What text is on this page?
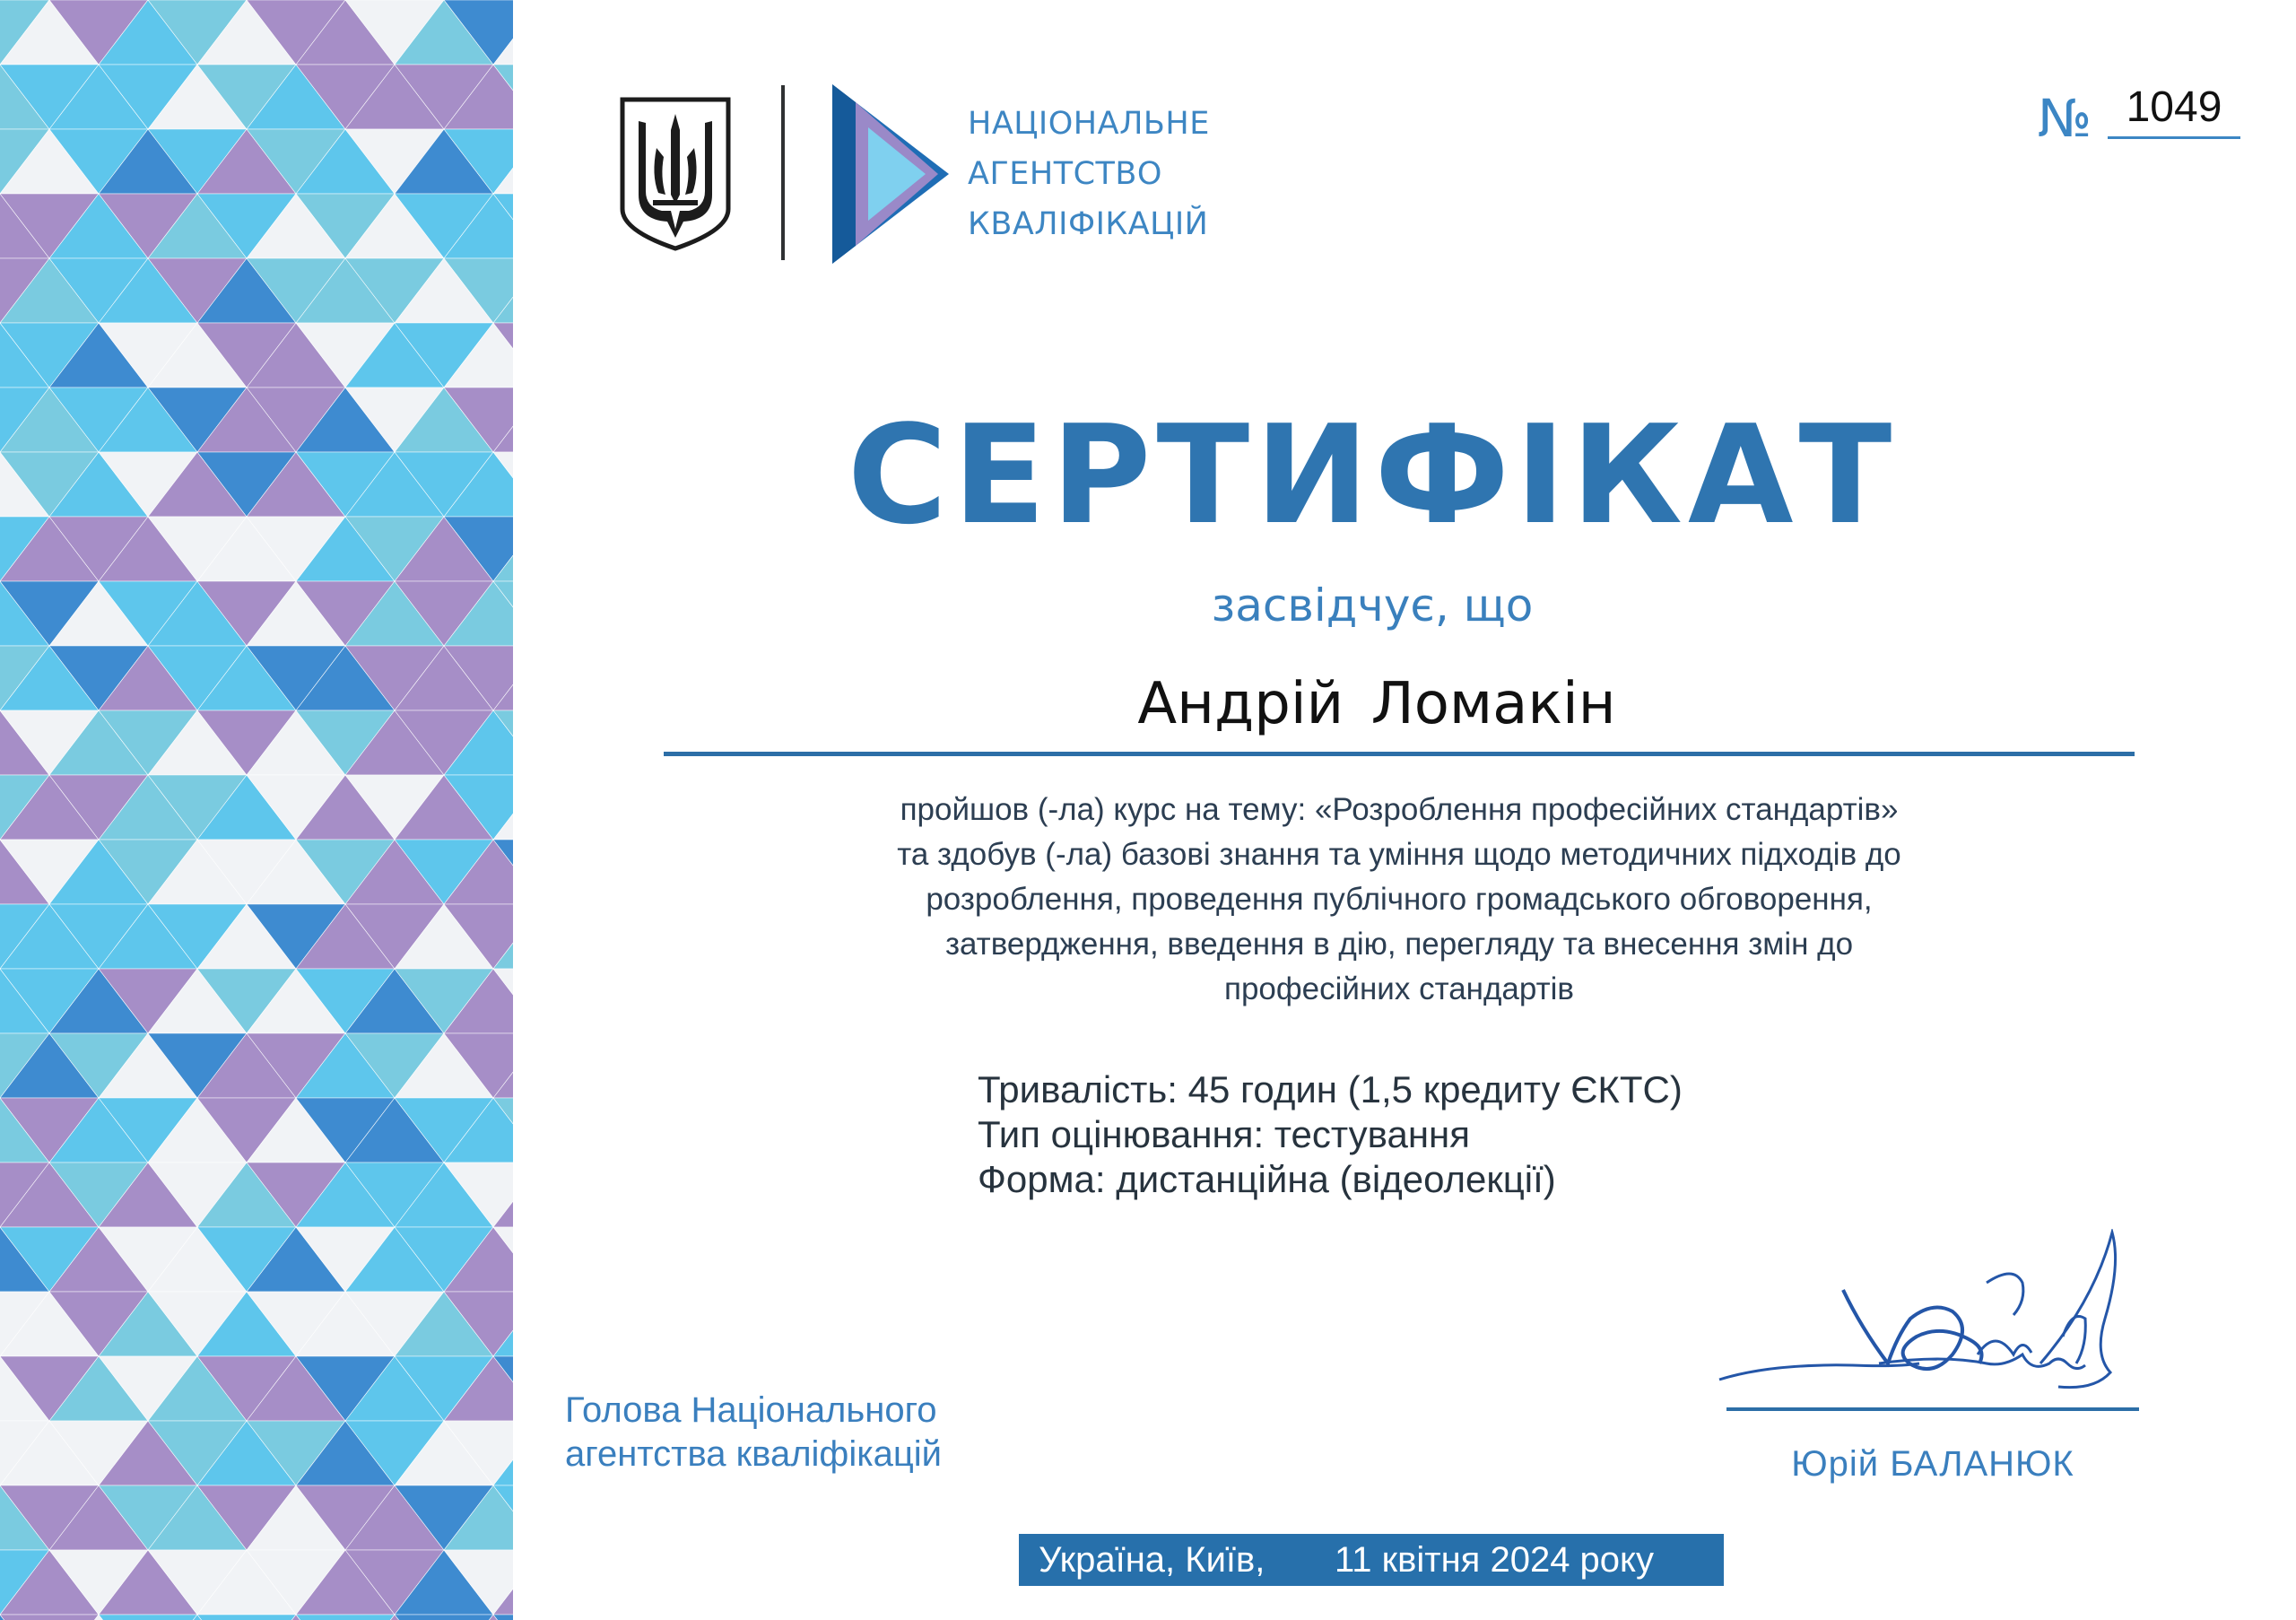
НАЦІОНАЛЬНЕ
АГЕНТСТВО
КВАЛІФІКАЦІЙ
№ 1049
СЕРТИФІКАТ
засвідчує, що
Андрій Ломакін
пройшов (-ла) курс на тему: «Розроблення професійних стандартів»
та здобув (-ла) базові знання та уміння щодо методичних підходів до
розроблення, проведення публічного громадського обговорення,
затвердження, введення в дію, перегляду та внесення змін до
професійних стандартів
Тривалість: 45 годин (1,5 кредиту ЄКТС)
Тип оцінювання: тестування
Форма: дистанційна (відеолекції)
Голова Національного
агентства кваліфікацій	Юрій БАЛАНЮК
Україна, Київ, 11 квітня 2024 року
